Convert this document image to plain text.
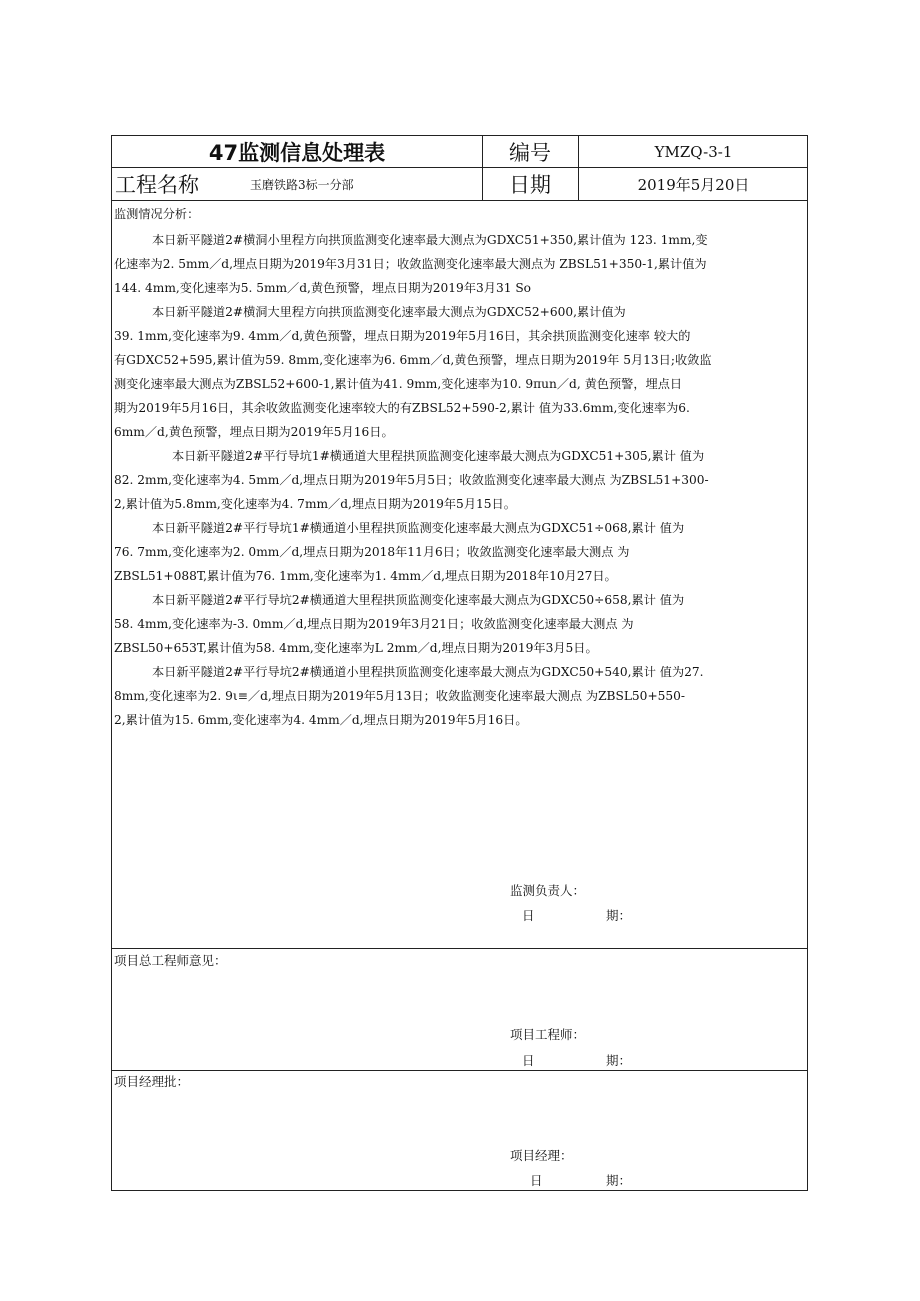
47监测信息处理表	编号	YMZQ-3-1
工程名称	玉磨铁路3标一分部	日期	2019年5月20日
监测情况分析：
本日新平隧道2#横洞小里程方向拱顶监测变化速率最大测点为GDXC51+350,累计值为 123. 1mm,变
化速率为2. 5mm／d,埋点日期为2019年3月31日；收敛监测变化速率最大测点为 ZBSL51+350-1,累计值为
144. 4mm,变化速率为5. 5mm／d,黄色预警，埋点日期为2019年3月31 So
本日新平隧道2#横洞大里程方向拱顶监测变化速率最大测点为GDXC52+600,累计值为
39. 1mm,变化速率为9. 4mm／d,黄色预警，埋点日期为2019年5月16日，其余拱顶监测变化速率 较大的
有GDXC52+595,累计值为59. 8mm,变化速率为6. 6mm／d,黄色预警，埋点日期为2019年 5月13日;收敛监
测变化速率最大测点为ZBSL52+600-1,累计值为41. 9mm,变化速率为10. 9πun／d, 黄色预警，埋点日
期为2019年5月16日，其余收敛监测变化速率较大的有ZBSL52+590-2,累计 值为33.6mm,变化速率为6.
6mm／d,黄色预警，埋点日期为2019年5月16日。
本日新平隧道2#平行导坑1#横通道大里程拱顶监测变化速率最大测点为GDXC51+305,累计 值为
82. 2mm,变化速率为4. 5mm／d,埋点日期为2019年5月5日；收敛监测变化速率最大测点 为ZBSL51+300-
2,累计值为5.8mm,变化速率为4. 7mm／d,埋点日期为2019年5月15日。
本日新平隧道2#平行导坑1#横通道小里程拱顶监测变化速率最大测点为GDXC51÷068,累计 值为
76. 7mm,变化速率为2. 0mm／d,埋点日期为2018年11月6日；收敛监测变化速率最大测点 为
ZBSL51+088T,累计值为76. 1mm,变化速率为1. 4mm／d,埋点日期为2018年10月27日。
本日新平隧道2#平行导坑2#横通道大里程拱顶监测变化速率最大测点为GDXC50÷658,累计 值为
58. 4mm,变化速率为-3. 0mm／d,埋点日期为2019年3月21日；收敛监测变化速率最大测点 为
ZBSL50+653T,累计值为58. 4mm,变化速率为L 2mm／d,埋点日期为2019年3月5日。
本日新平隧道2#平行导坑2#横通道小里程拱顶监测变化速率最大测点为GDXC50+540,累计 值为27.
8mm,变化速率为2. 9ι≡／d,埋点日期为2019年5月13日；收敛监测变化速率最大测点 为ZBSL50+550-
2,累计值为15. 6mm,变化速率为4. 4mm／d,埋点日期为2019年5月16日。
监测负责人：
日	期：
项目总工程师意见：
项目工程师：
日	期：
项目经理批：
项目经理：
日	期：
